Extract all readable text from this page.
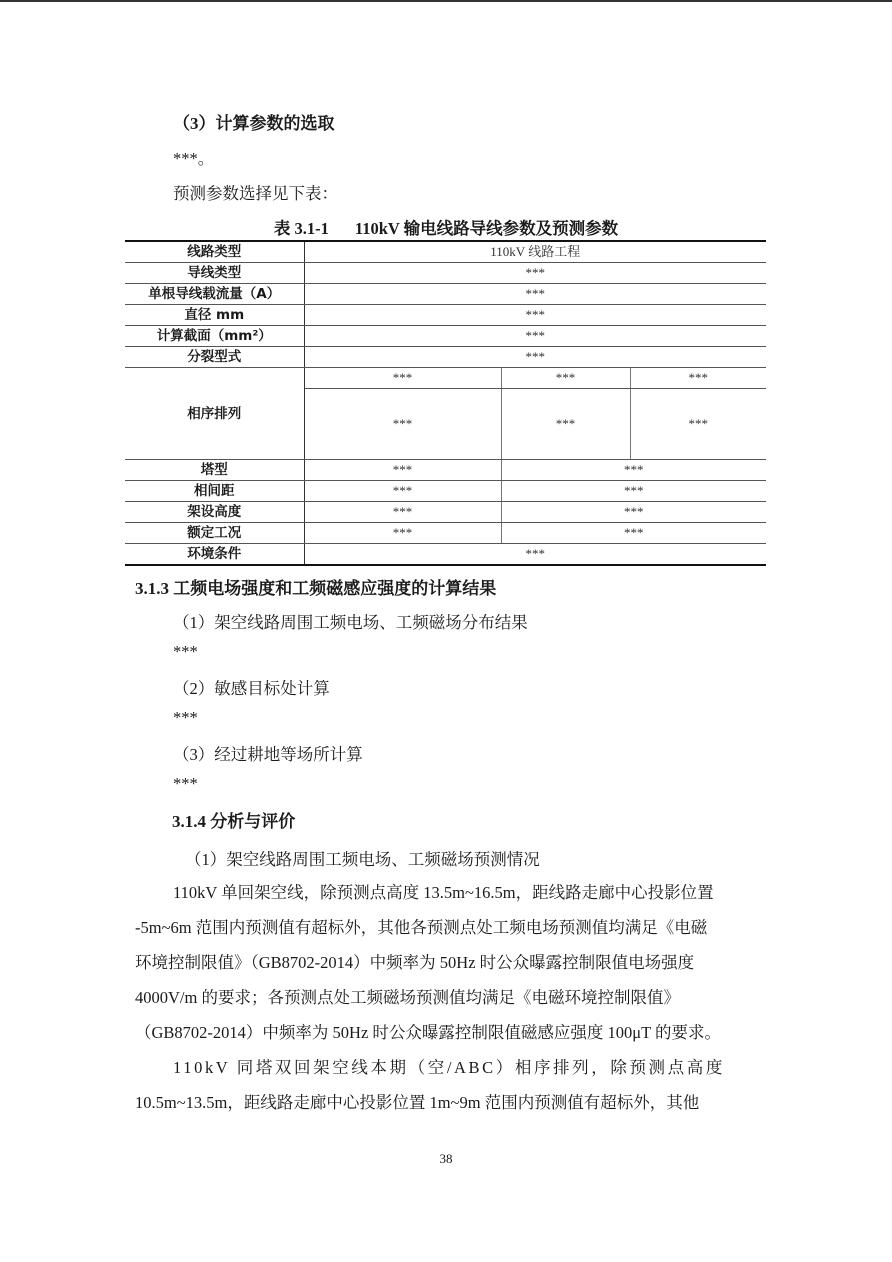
（3）计算参数的选取
***。
预测参数选择见下表：
表 3.1-1 110kV 输电线路导线参数及预测参数
线路类型	110kV 线路工程		
导线类型	***		
单根导线载流量（A）	***		
直径 mm	***		
计算截面（mm²）	***		
分裂型式	***		
相序排列	***	***	***
	***	***	***
塔型	***	***	
相间距	***	***	
架设高度	***	***	
额定工况	***	***	
环境条件	***		
3.1.3 工频电场强度和工频磁感应强度的计算结果
（1）架空线路周围工频电场、工频磁场分布结果
***
（2）敏感目标处计算
***
（3）经过耕地等场所计算
***
3.1.4 分析与评价
（1）架空线路周围工频电场、工频磁场预测情况
110kV 单回架空线，除预测点高度 13.5m~16.5m，距线路走廊中心投影位置
-5m~6m 范围内预测值有超标外，其他各预测点处工频电场预测值均满足《电磁
环境控制限值》（GB8702-2014）中频率为 50Hz 时公众曝露控制限值电场强度
4000V/m 的要求；各预测点处工频磁场预测值均满足《电磁环境控制限值》
（GB8702-2014）中频率为 50Hz 时公众曝露控制限值磁感应强度 100μT 的要求。
110kV 同塔双回架空线本期（空/ABC）相序排列，除预测点高度
10.5m~13.5m，距线路走廊中心投影位置 1m~9m 范围内预测值有超标外，其他
38
